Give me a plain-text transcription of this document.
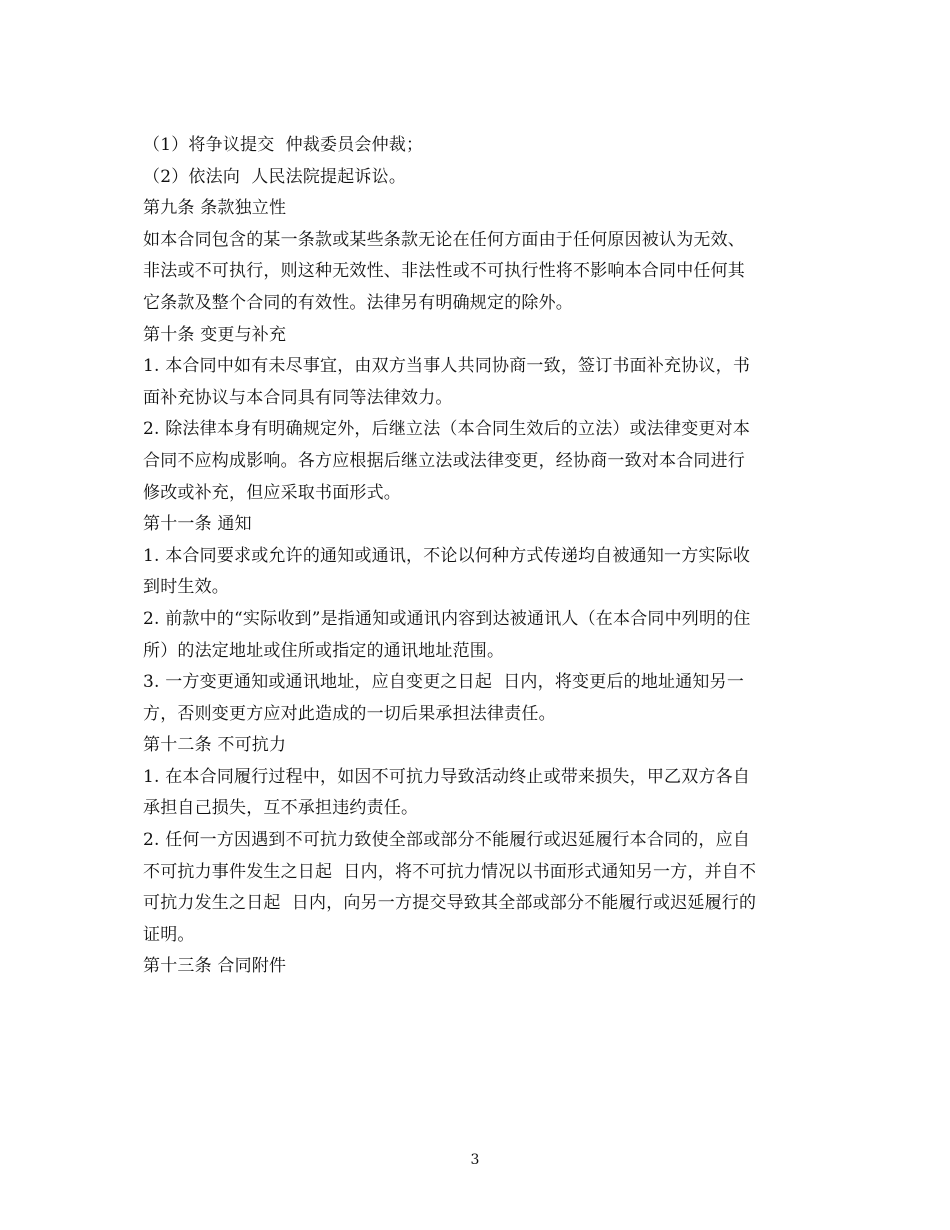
（1）将争议提交  仲裁委员会仲裁；
（2）依法向  人民法院提起诉讼。
第九条 条款独立性
如本合同包含的某一条款或某些条款无论在任何方面由于任何原因被认为无效、
非法或不可执行，则这种无效性、非法性或不可执行性将不影响本合同中任何其
它条款及整个合同的有效性。法律另有明确规定的除外。
第十条 变更与补充
1. 本合同中如有未尽事宜，由双方当事人共同协商一致，签订书面补充协议，书
面补充协议与本合同具有同等法律效力。
2. 除法律本身有明确规定外，后继立法（本合同生效后的立法）或法律变更对本
合同不应构成影响。各方应根据后继立法或法律变更，经协商一致对本合同进行
修改或补充，但应采取书面形式。
第十一条 通知
1. 本合同要求或允许的通知或通讯，不论以何种方式传递均自被通知一方实际收
到时生效。
2. 前款中的“实际收到”是指通知或通讯内容到达被通讯人（在本合同中列明的住
所）的法定地址或住所或指定的通讯地址范围。
3. 一方变更通知或通讯地址，应自变更之日起  日内，将变更后的地址通知另一
方，否则变更方应对此造成的一切后果承担法律责任。
第十二条 不可抗力
1. 在本合同履行过程中，如因不可抗力导致活动终止或带来损失，甲乙双方各自
承担自己损失，互不承担违约责任。
2. 任何一方因遇到不可抗力致使全部或部分不能履行或迟延履行本合同的，应自
不可抗力事件发生之日起  日内，将不可抗力情况以书面形式通知另一方，并自不
可抗力发生之日起  日内，向另一方提交导致其全部或部分不能履行或迟延履行的
证明。
第十三条 合同附件
3
